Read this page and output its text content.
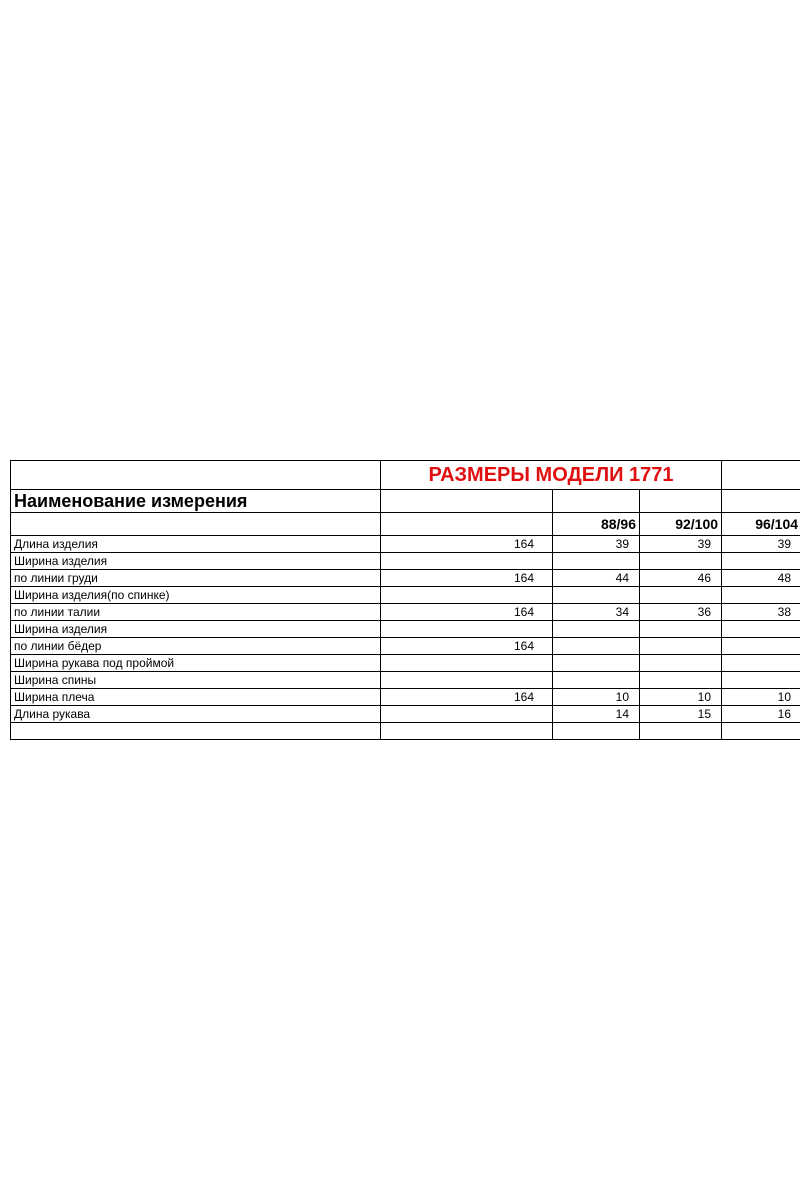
	РАЗМЕРЫ МОДЕЛИ 1771			
Наименование измерения				
		88/96	92/100	96/104
Длина изделия	164	39	39	39
Ширина изделия				
по линии груди	164	44	46	48
Ширина изделия(по спинке)				
по линии талии	164	34	36	38
Ширина изделия				
по линии бёдер	164			
Ширина рукава под проймой				
Ширина спины				
Ширина плеча	164	10	10	10
Длина рукава		14	15	16
